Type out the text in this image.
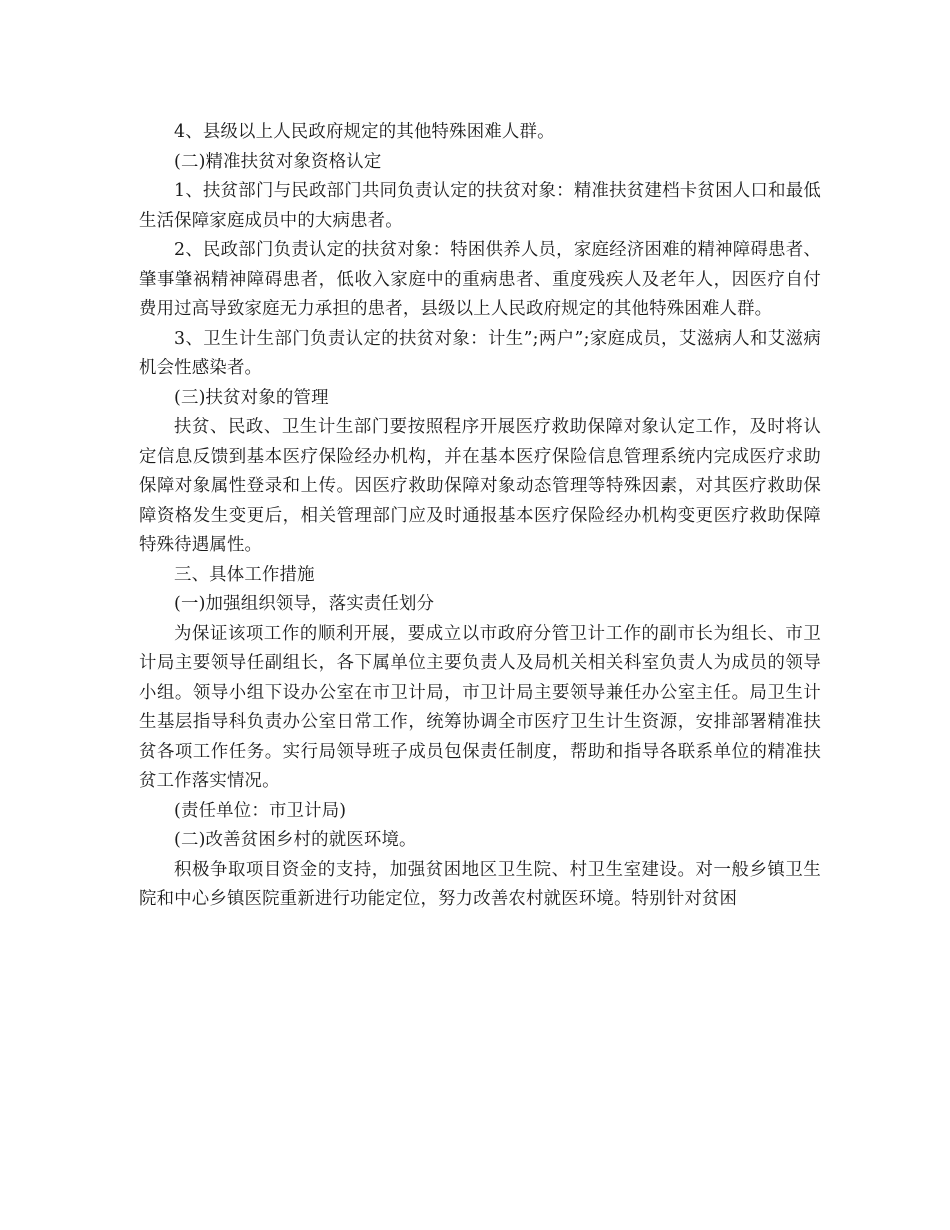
4、县级以上人民政府规定的其他特殊困难人群。

(二)精准扶贫对象资格认定

1、扶贫部门与民政部门共同负责认定的扶贫对象：精准扶贫建档卡贫困人口和最低生活保障家庭成员中的大病患者。

2、民政部门负责认定的扶贫对象：特困供养人员，家庭经济困难的精神障碍患者、肇事肇祸精神障碍患者，低收入家庭中的重病患者、重度残疾人及老年人，因医疗自付费用过高导致家庭无力承担的患者，县级以上人民政府规定的其他特殊困难人群。

3、卫生计生部门负责认定的扶贫对象：计生”;两户”;家庭成员，艾滋病人和艾滋病机会性感染者。

(三)扶贫对象的管理

扶贫、民政、卫生计生部门要按照程序开展医疗救助保障对象认定工作，及时将认定信息反馈到基本医疗保险经办机构，并在基本医疗保险信息管理系统内完成医疗求助保障对象属性登录和上传。因医疗救助保障对象动态管理等特殊因素，对其医疗救助保障资格发生变更后，相关管理部门应及时通报基本医疗保险经办机构变更医疗救助保障特殊待遇属性。

三、具体工作措施

(一)加强组织领导，落实责任划分

为保证该项工作的顺利开展，要成立以市政府分管卫计工作的副市长为组长、市卫计局主要领导任副组长，各下属单位主要负责人及局机关相关科室负责人为成员的领导小组。领导小组下设办公室在市卫计局，市卫计局主要领导兼任办公室主任。局卫生计生基层指导科负责办公室日常工作，统筹协调全市医疗卫生计生资源，安排部署精准扶贫各项工作任务。实行局领导班子成员包保责任制度，帮助和指导各联系单位的精准扶贫工作落实情况。

(责任单位：市卫计局)

(二)改善贫困乡村的就医环境。

积极争取项目资金的支持，加强贫困地区卫生院、村卫生室建设。对一般乡镇卫生院和中心乡镇医院重新进行功能定位，努力改善农村就医环境。特别针对贫困
